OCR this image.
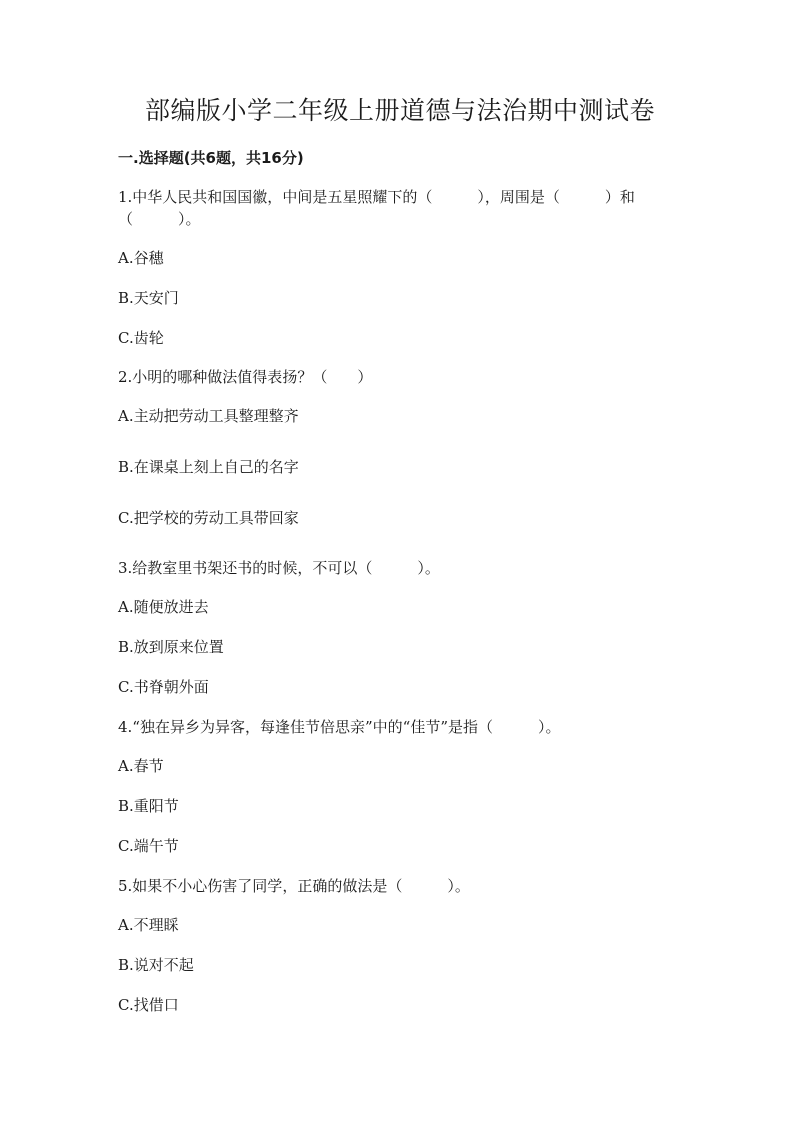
部编版小学二年级上册道德与法治期中测试卷
一.选择题(共6题，共16分)
1.中华人民共和国国徽，中间是五星照耀下的（　　　），周围是（　　　）和
（　　　）。
A.谷穗
B.天安门
C.齿轮
2.小明的哪种做法值得表扬？（　　）
A.主动把劳动工具整理整齐
B.在课桌上刻上自己的名字
C.把学校的劳动工具带回家
3.给教室里书架还书的时候，不可以（　　　）。
A.随便放进去
B.放到原来位置
C.书脊朝外面
4.“独在异乡为异客，每逢佳节倍思亲”中的“佳节”是指（　　　）。
A.春节
B.重阳节
C.端午节
5.如果不小心伤害了同学，正确的做法是（　　　）。
A.不理睬
B.说对不起
C.找借口
